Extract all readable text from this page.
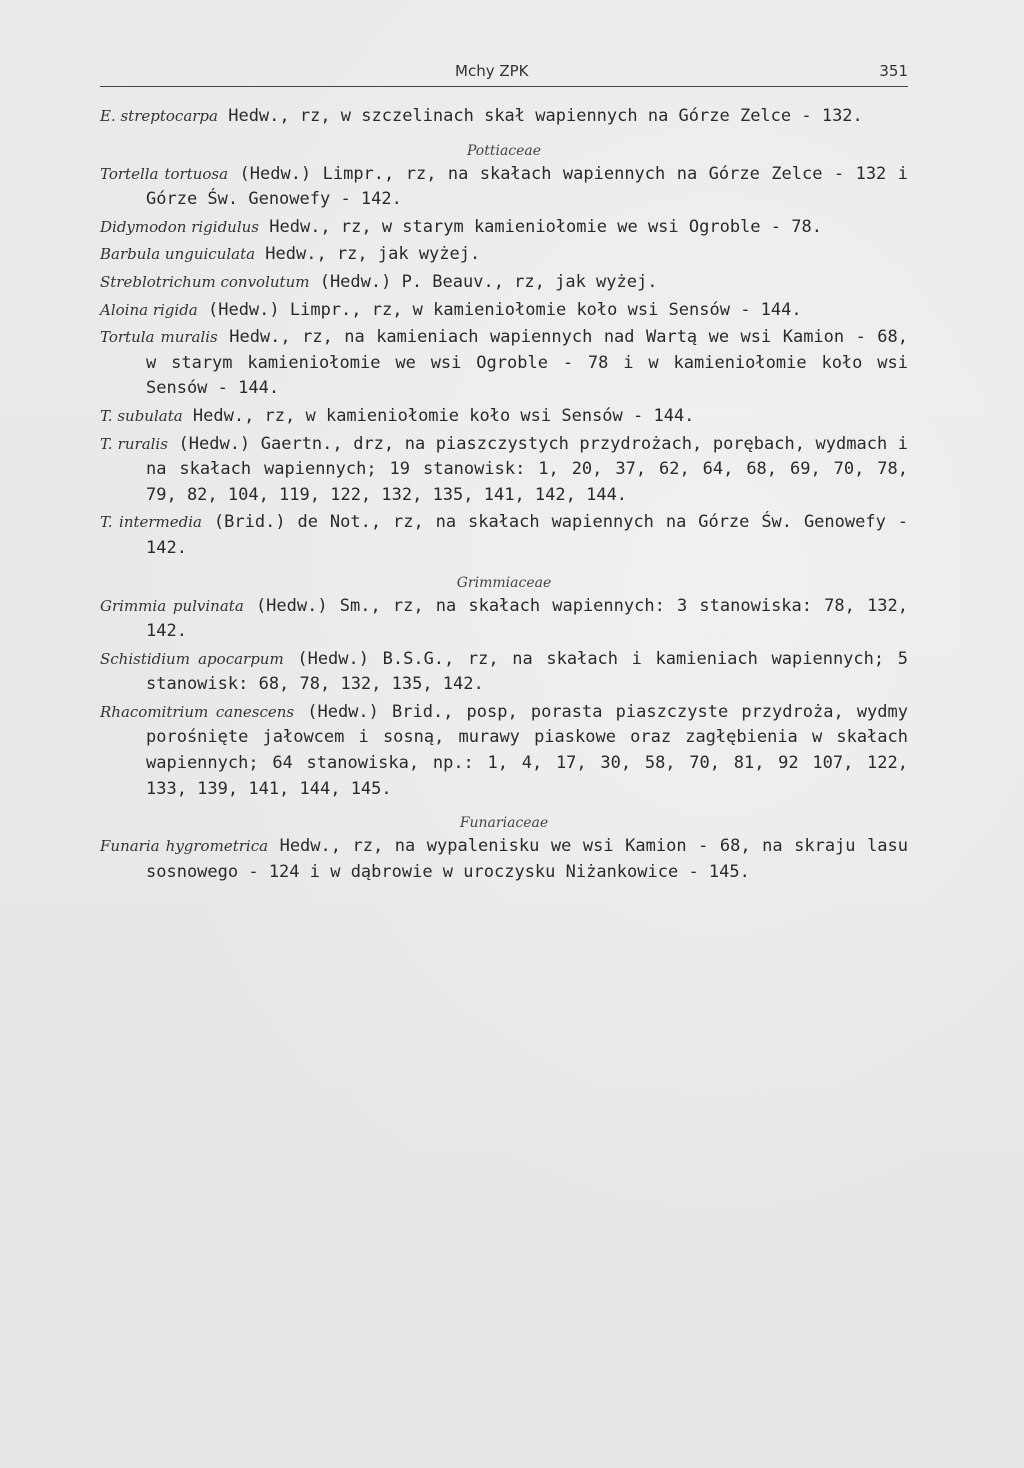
Mchy ZPK	351

E. streptocarpa Hedw., rz, w szczelinach skał wapiennych na Górze Zelce - 132.

Pottiaceae

Tortella tortuosa (Hedw.) Limpr., rz, na skałach wapiennych na Górze Zelce - 132 i Górze Św. Genowefy - 142.

Didymodon rigidulus Hedw., rz, w starym kamieniołomie we wsi Ogroble - 78.

Barbula unguiculata Hedw., rz, jak wyżej.

Streblotrichum convolutum (Hedw.) P. Beauv., rz, jak wyżej.

Aloina rigida (Hedw.) Limpr., rz, w kamieniołomie koło wsi Sensów - 144.

Tortula muralis Hedw., rz, na kamieniach wapiennych nad Wartą we wsi Kamion - 68, w starym kamieniołomie we wsi Ogroble - 78 i w kamieniołomie koło wsi Sensów - 144.

T. subulata Hedw., rz, w kamieniołomie koło wsi Sensów - 144.

T. ruralis (Hedw.) Gaertn., drz, na piaszczystych przydrożach, porębach, wydmach i na skałach wapiennych; 19 stanowisk: 1, 20, 37, 62, 64, 68, 69, 70, 78, 79, 82, 104, 119, 122, 132, 135, 141, 142, 144.

T. intermedia (Brid.) de Not., rz, na skałach wapiennych na Górze Św. Genowefy - 142.

Grimmiaceae

Grimmia pulvinata (Hedw.) Sm., rz, na skałach wapiennych: 3 stanowiska: 78, 132, 142.

Schistidium apocarpum (Hedw.) B.S.G., rz, na skałach i kamieniach wapiennych; 5 stanowisk: 68, 78, 132, 135, 142.

Rhacomitrium canescens (Hedw.) Brid., posp, porasta piaszczyste przydroża, wydmy porośnięte jałowcem i sosną, murawy piaskowe oraz zagłębienia w skałach wapiennych; 64 stanowiska, np.: 1, 4, 17, 30, 58, 70, 81, 92 107, 122, 133, 139, 141, 144, 145.

Funariaceae

Funaria hygrometrica Hedw., rz, na wypalenisku we wsi Kamion - 68, na skraju lasu sosnowego - 124 i w dąbrowie w uroczysku Niżankowice - 145.
